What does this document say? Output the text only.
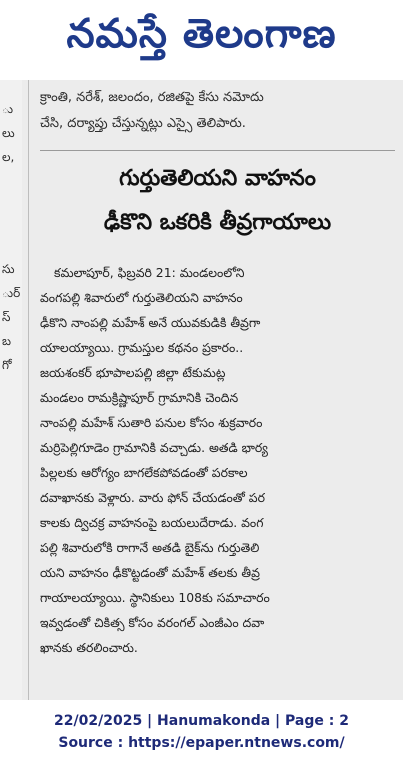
నమస్తే తెలంగాణ
ు
లు
ల,
సు
ుర్
స్
బ
గో
క్రాంతి, నరేశ్, జలందం, రజితపై కేసు నమోదు
చేసి, దర్యాప్తు చేస్తున్నట్లు ఎస్సై తెలిపారు.
గుర్తుతెలియని వాహనం
ఢీకొని ఒకరికి తీవ్రగాయాలు
కమలాపూర్, ఫిబ్రవరి 21: మండలంలోని
వంగపల్లి శివారులో గుర్తుతెలియని వాహనం
ఢీకొని నాంపల్లి మహేశ్ అనే యువకుడికి తీవ్రగా
యాలయ్యాయి. గ్రామస్తుల కథనం ప్రకారం..
జయశంకర్ భూపాలపల్లి జిల్లా టేకుమట్ల
మండలం రామక్రిష్ణాపూర్ గ్రామానికి చెందిన
నాంపల్లి మహేశ్ సుతారి పనుల కోసం శుక్రవారం
మర్రిపెల్లిగూడెం గ్రామానికి వచ్చాడు. అతడి భార్య
పిల్లలకు ఆరోగ్యం బాగలేకపోవడంతో పరకాల
దవాఖానకు వెళ్లారు. వారు ఫోన్ చేయడంతో పర
కాలకు ద్విచక్ర వాహనంపై బయలుదేరాడు. వంగ
పల్లి శివారులోకి రాగానే అతడి బైక్‌ను గుర్తుతెలి
యని వాహనం ఢీకొట్టడంతో మహేశ్ తలకు తీవ్ర
గాయాలయ్యాయి. స్థానికులు 108కు సమాచారం
ఇవ్వడంతో చికిత్స కోసం వరంగల్ ఎంజీఎం దవా
ఖానకు తరలించారు.
22/02/2025 | Hanumakonda | Page : 2
Source : https://epaper.ntnews.com/
